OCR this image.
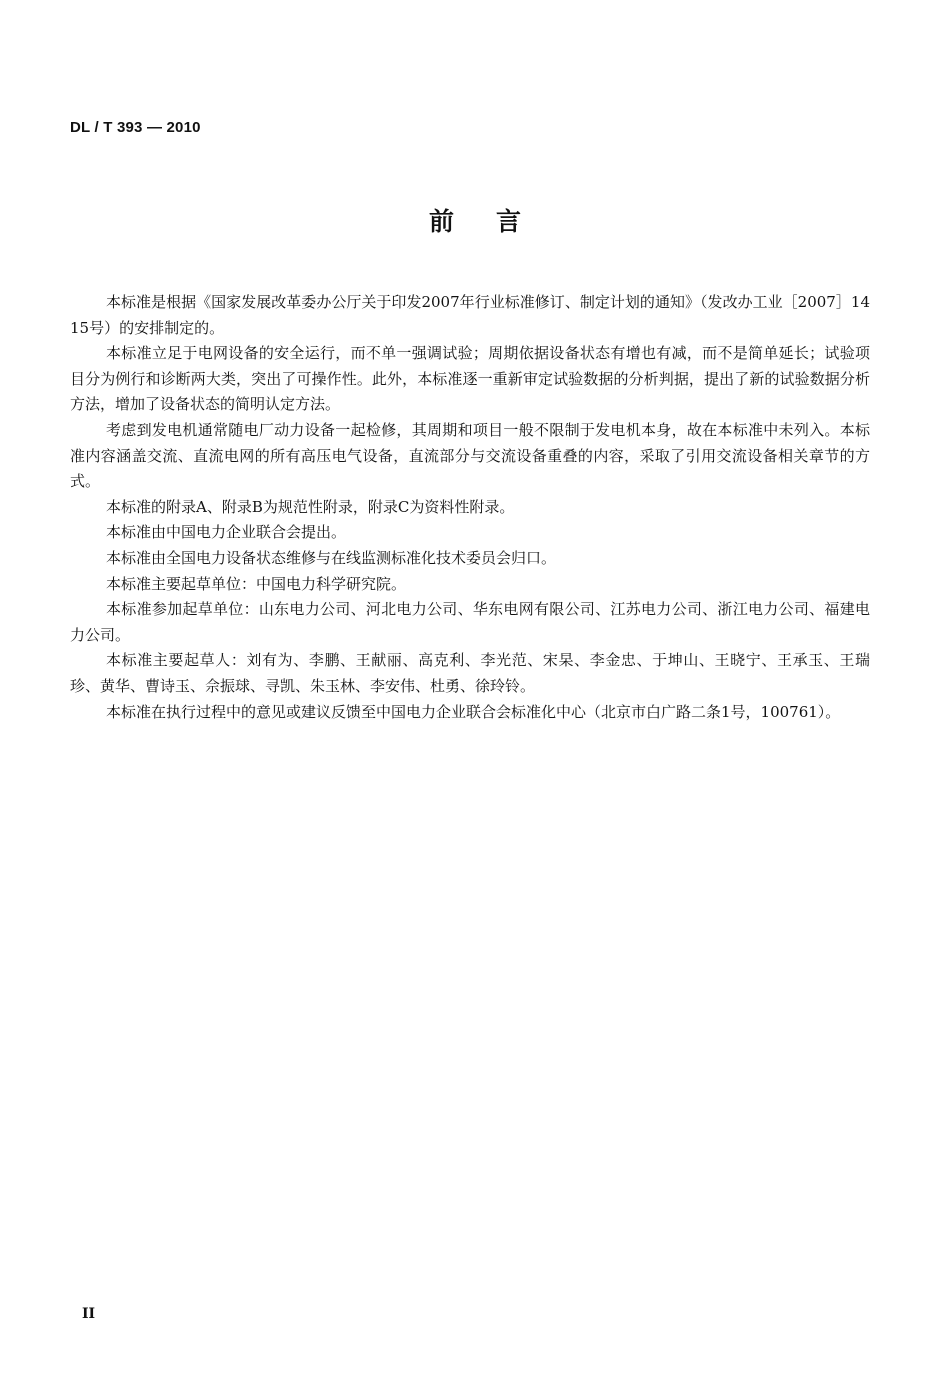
DL / T 393 — 2010
前言

本标准是根据《国家发展改革委办公厅关于印发2007年行业标准修订、制定计划的通知》（发改办工业［2007］1415号）的安排制定的。

本标准立足于电网设备的安全运行，而不单一强调试验；周期依据设备状态有增也有减，而不是简单延长；试验项目分为例行和诊断两大类，突出了可操作性。此外，本标准逐一重新审定试验数据的分析判据，提出了新的试验数据分析方法，增加了设备状态的简明认定方法。

考虑到发电机通常随电厂动力设备一起检修，其周期和项目一般不限制于发电机本身，故在本标准中未列入。本标准内容涵盖交流、直流电网的所有高压电气设备，直流部分与交流设备重叠的内容，采取了引用交流设备相关章节的方式。

本标准的附录A、附录B为规范性附录，附录C为资料性附录。

本标准由中国电力企业联合会提出。

本标准由全国电力设备状态维修与在线监测标准化技术委员会归口。

本标准主要起草单位：中国电力科学研究院。

本标准参加起草单位：山东电力公司、河北电力公司、华东电网有限公司、江苏电力公司、浙江电力公司、福建电力公司。

本标准主要起草人：刘有为、李鹏、王献丽、高克利、李光范、宋杲、李金忠、于坤山、王晓宁、王承玉、王瑞珍、黄华、曹诗玉、佘振球、寻凯、朱玉林、李安伟、杜勇、徐玲铃。

本标准在执行过程中的意见或建议反馈至中国电力企业联合会标准化中心（北京市白广路二条1号，100761）。

II
